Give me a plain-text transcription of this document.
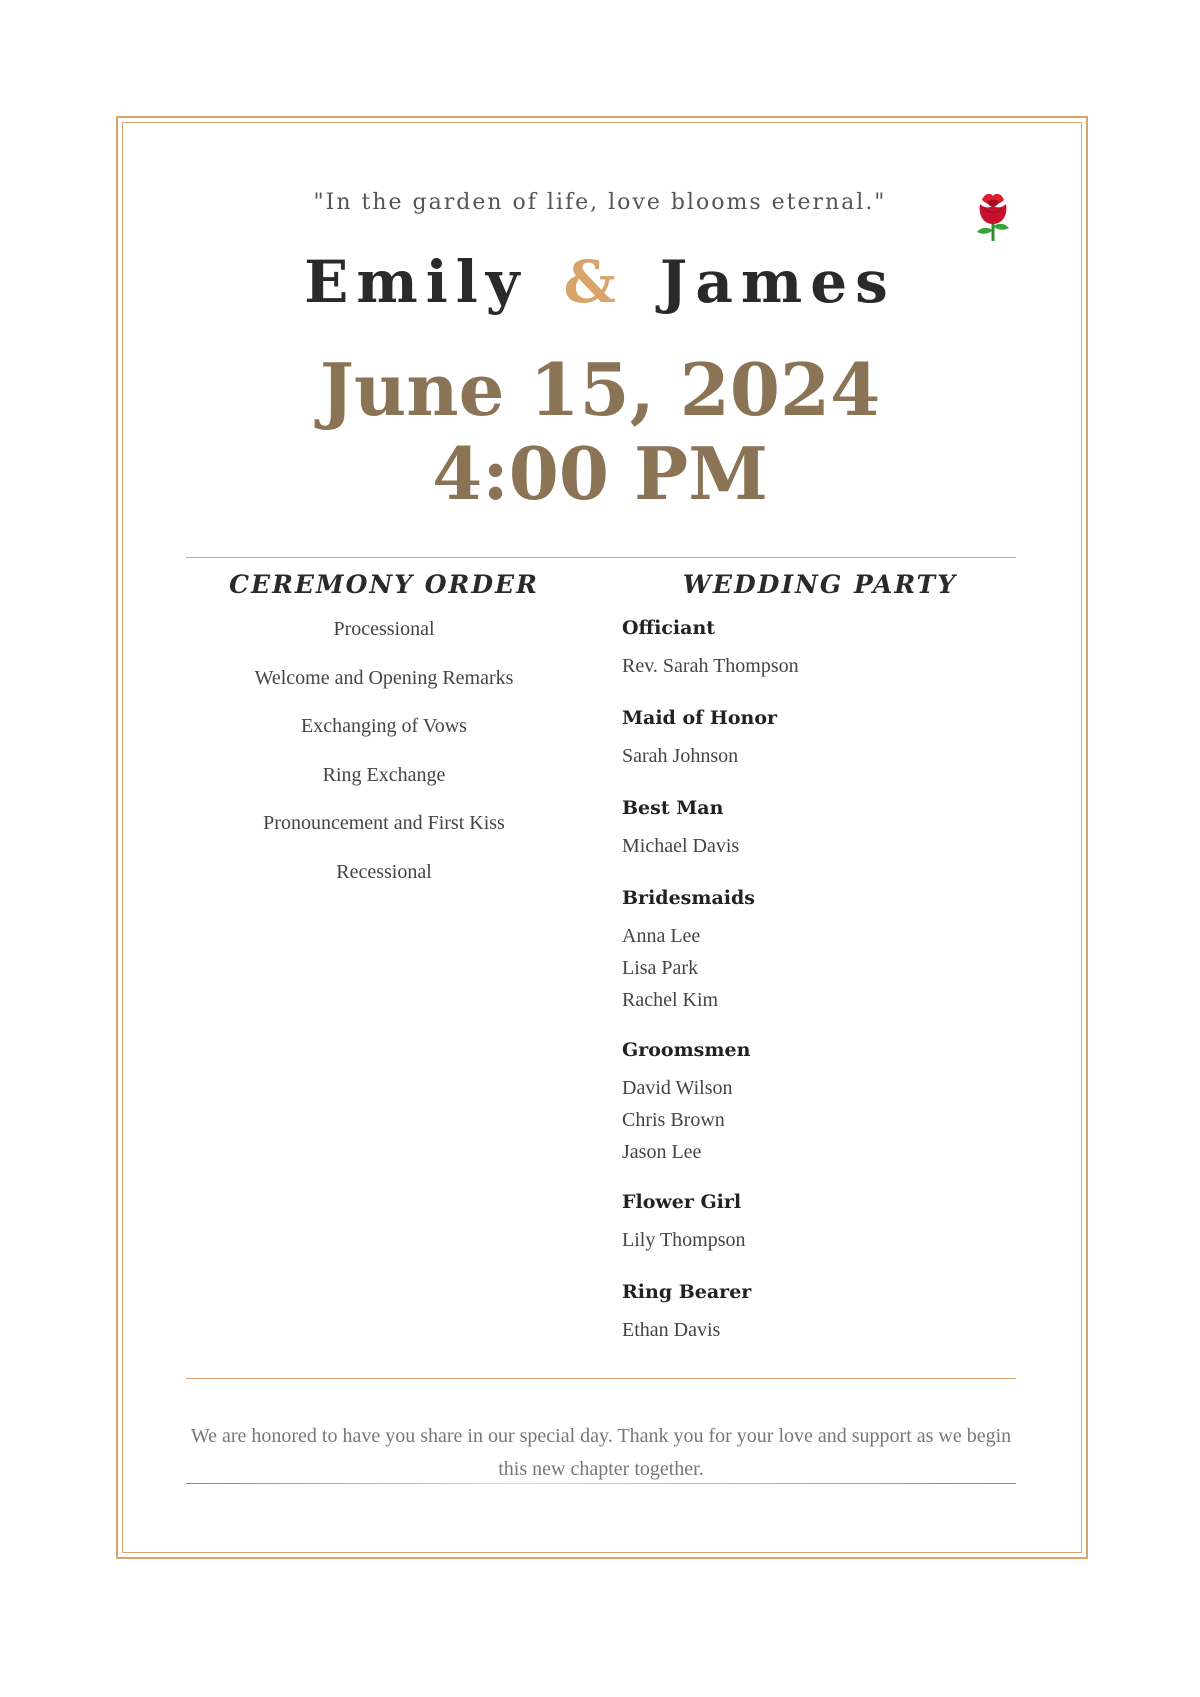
"In the garden of life, love blooms eternal."
Emily & James
June 15, 2024
4:00 PM
CEREMONY ORDER	WEDDING PARTY
Processional
Welcome and Opening Remarks
Exchanging of Vows
Ring Exchange
Pronouncement and First Kiss
Recessional
Officiant
Rev. Sarah Thompson
Maid of Honor
Sarah Johnson
Best Man
Michael Davis
Bridesmaids
Anna Lee
Lisa Park
Rachel Kim
Groomsmen
David Wilson
Chris Brown
Jason Lee
Flower Girl
Lily Thompson
Ring Bearer
Ethan Davis
We are honored to have you share in our special day. Thank you for your love and support as we begin this new chapter together.
